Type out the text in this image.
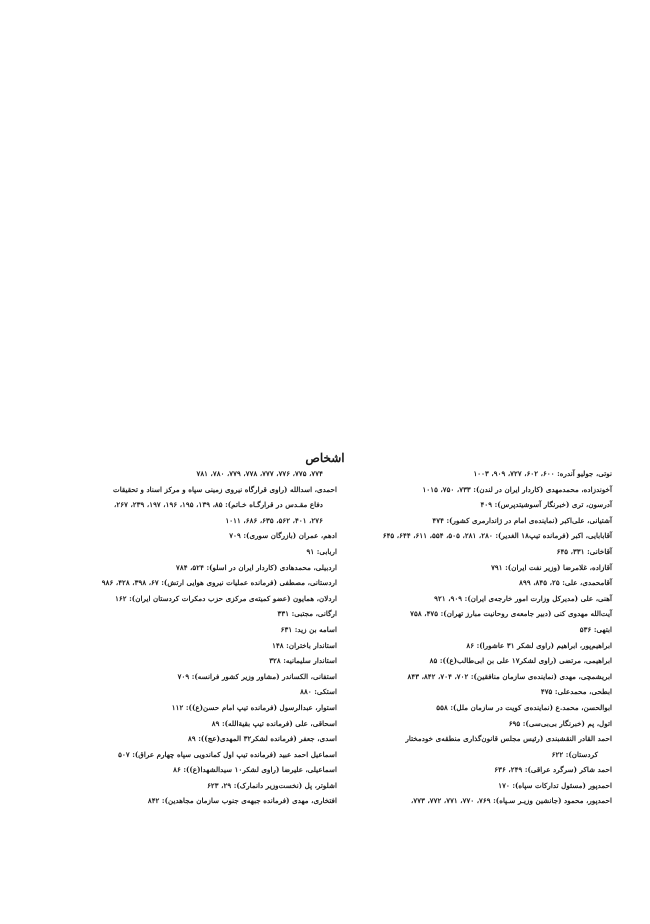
اشخاص
نوتی، جولیو آندره: ۶۰۰، ۶۰۲، ۷۲۷، ۹۰۹، ۱۰۰۳
آخوندزاده، محمدمهدی (کاردار ایران در لندن): ۷۳۳، ۷۵۰، ۱۰۱۵
آدرسون، تری (خبرنگار آسوشیتدپرس): ۴۰۹
آشتیانی، علی‌اکبر (نماینده‌ی امام در ژاندارمری کشور): ۴۷۴
آقابابایی، اکبر (فرمانده تیپ۱۸ الغدیر): ۲۸۰، ۲۸۱، ۵۰۵، ۵۵۴، ۶۱۱، ۶۴۴، ۶۴۵
آقاخانی: ۳۳۱، ۶۴۵
آقازاده، غلامرضا (وزیر نفت ایران): ۷۹۱
آقامحمدی، علی: ۲۵، ۸۴۵، ۸۹۹
آهنی، علی (مدیرکل وزارت امور خارجه‌ی ایران): ۹۰۹، ۹۲۱
آیت‌الله مهدوی کنی (دبیر جامعه‌ی روحانیت مبارز تهران): ۴۷۵، ۷۵۸
ابتهی: ۵۳۶
ابراهیم‌پور، ابراهیم (راوی لشکر ۳۱ عاشورا): ۸۶
ابراهیمی، مرتضی (راوی لشکر۱۷ علی بن ابی‌طالب(ع)): ۸۵
ابریشمچی، مهدی (نماینده‌ی سازمان منافقین): ۷۰۲، ۷۰۴، ۸۴۲، ۸۴۳
ابطحی، محمدعلی: ۴۷۵
ابوالحسن، محمد.ع (نماینده‌ی کویت در سازمان ملل): ۵۵۸
اتول، پم (خبرنگار بی‌بی‌سی): ۶۹۵
احمد القادر النقشبندی (رئیس مجلس قانون‌گذاری منطقه‌ی خودمختار
کردستان): ۶۲۲
احمد شاکر (سرگرد عراقی): ۲۴۹، ۶۳۶
احمدپور (مسئول تدارکات سپاه): ۱۷۰
احمدپور، محمود (جانشین وزیـر سـپاه): ۷۶۹، ۷۷۰، ۷۷۱، ۷۷۲، ۷۷۳،
۷۷۴، ۷۷۵، ۷۷۶، ۷۷۷، ۷۷۸، ۷۷۹، ۷۸۰، ۷۸۱
احمدی، اسدالله (راوی قرارگاه نیروی زمینی سپاه و مرکز اسناد و تحقیقات
دفاع مقـدس در قرارگـاه خـاتم): ۸۵، ۱۳۹، ۱۹۵، ۱۹۶، ۱۹۷، ۲۳۹، ۲۶۷،
۲۷۶، ۴۰۱، ۵۶۲، ۶۳۵، ۶۸۶، ۱۰۱۱
ادهم، عمران (بازرگان سوری): ۷۰۹
اربابی: ۹۱
اردبیلی، محمدهادی (کاردار ایران در اسلو): ۵۲۴، ۷۸۴
اردستانی، مصطفی (فرمانده عملیات نیروی هوایی ارتش): ۶۷، ۳۹۸، ۴۲۸، ۹۸۶
اردلان، همایون (عضو کمیته‌ی مرکزی حزب دمکرات کردستان ایران): ۱۶۲
ارگانی، مجتبی: ۳۳۱
اسامه بن زید: ۶۳۱
استاندار باختران: ۱۴۸
استاندار سلیمانیه: ۳۲۸
استفانی، الکساندر (مشاور وزیر کشور فرانسه): ۷۰۹
استکی: ۸۸۰
استوار، عبدالرسول (فرمانده تیپ امام حسن(ع)): ۱۱۲
اسحاقی، علی (فرمانده تیپ بقیةالله): ۸۹
اسدی، جعفر (فرمانده لشکر۳۲ المهدی(عج)): ۸۹
اسماعیل احمد عبید (فرمانده تیپ اول کماندویی سپاه چهارم عراق): ۵۰۷
اسماعیلی، علیرضا (راوی لشکر۱۰ سیدالشهدا(ع)): ۸۶
اشلوتر، پل (نخست‌وزیر دانمارک): ۲۹، ۶۲۳
افتخاری، مهدی (فرمانده جبهه‌ی جنوب سازمان مجاهدین): ۸۴۲
